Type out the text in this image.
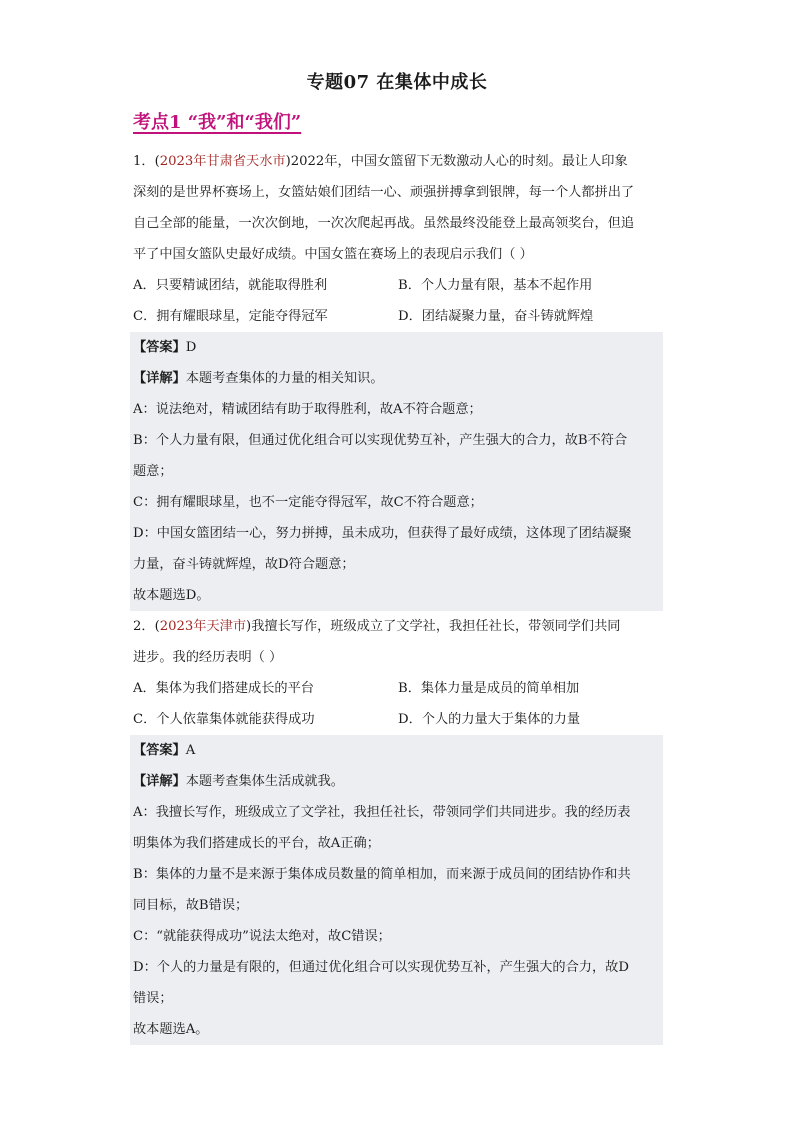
专题07 在集体中成长
考点1 “我”和“我们”
1．(2023年甘肃省天水市)2022年，中国女篮留下无数激动人心的时刻。最让人印象
深刻的是世界杯赛场上，女篮姑娘们团结一心、顽强拼搏拿到银牌，每一个人都拼出了
自己全部的能量，一次次倒地，一次次爬起再战。虽然最终没能登上最高领奖台，但追
平了中国女篮队史最好成绩。中国女篮在赛场上的表现启示我们（ ）
A．只要精诚团结，就能取得胜利	B．个人力量有限，基本不起作用
C．拥有耀眼球星，定能夺得冠军	D．团结凝聚力量，奋斗铸就辉煌
【答案】D
【详解】本题考查集体的力量的相关知识。
A：说法绝对，精诚团结有助于取得胜利，故A不符合题意；
B：个人力量有限，但通过优化组合可以实现优势互补，产生强大的合力，故B不符合
题意；
C：拥有耀眼球星，也不一定能夺得冠军，故C不符合题意；
D：中国女篮团结一心，努力拼搏，虽未成功，但获得了最好成绩，这体现了团结凝聚
力量，奋斗铸就辉煌，故D符合题意；
故本题选D。
2．(2023年天津市)我擅长写作，班级成立了文学社，我担任社长，带领同学们共同
进步。我的经历表明（ ）
A．集体为我们搭建成长的平台	B．集体力量是成员的简单相加
C．个人依靠集体就能获得成功	D．个人的力量大于集体的力量
【答案】A
【详解】本题考查集体生活成就我。
A：我擅长写作，班级成立了文学社，我担任社长，带领同学们共同进步。我的经历表
明集体为我们搭建成长的平台，故A正确；
B：集体的力量不是来源于集体成员数量的简单相加，而来源于成员间的团结协作和共
同目标，故B错误；
C：“就能获得成功”说法太绝对，故C错误；
D：个人的力量是有限的，但通过优化组合可以实现优势互补，产生强大的合力，故D
错误；
故本题选A。
